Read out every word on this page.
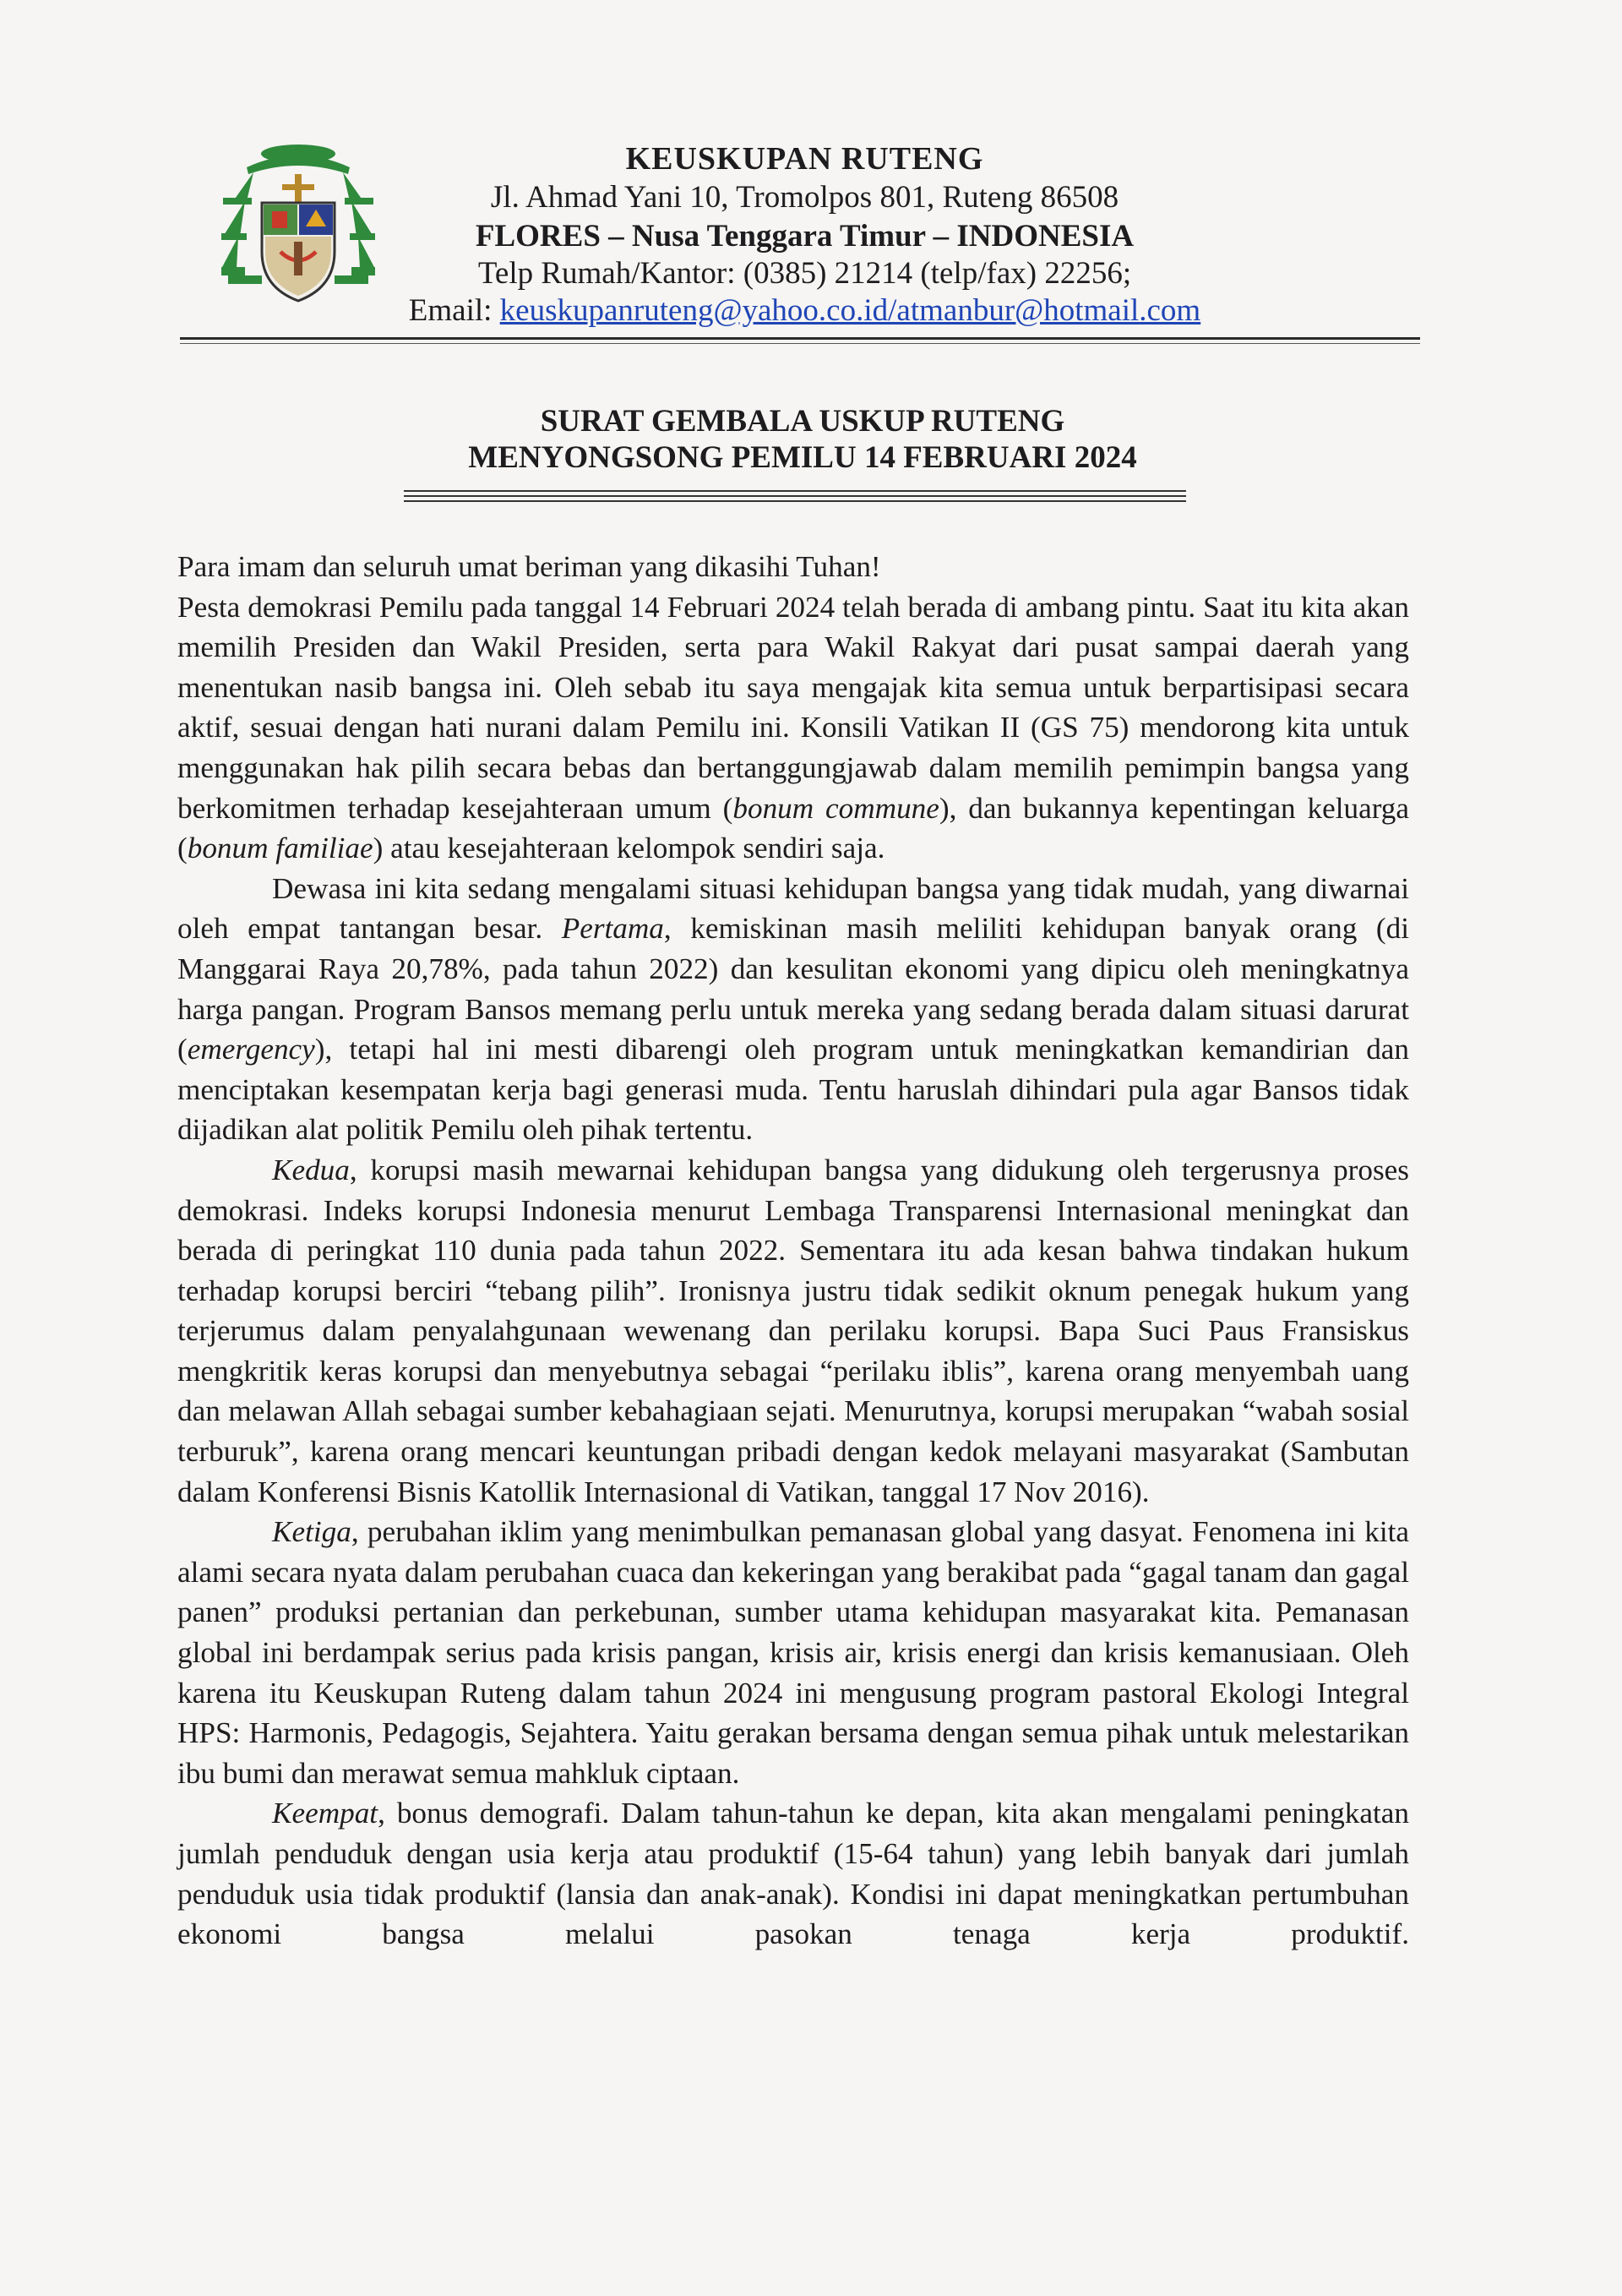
KEUSKUPAN RUTENG
Jl. Ahmad Yani 10, Tromolpos 801, Ruteng 86508
FLORES – Nusa Tenggara Timur – INDONESIA
Telp Rumah/Kantor: (0385) 21214 (telp/fax) 22256;
Email: keuskupanruteng@yahoo.co.id/atmanbur@hotmail.com
SURAT GEMBALA USKUP RUTENG
MENYONGSONG PEMILU 14 FEBRUARI 2024

Para imam dan seluruh umat beriman yang dikasihi Tuhan!

Pesta demokrasi Pemilu pada tanggal 14 Februari 2024 telah berada di ambang pintu. Saat itu kita akan memilih Presiden dan Wakil Presiden, serta para Wakil Rakyat dari pusat sampai daerah yang menentukan nasib bangsa ini. Oleh sebab itu saya mengajak kita semua untuk berpartisipasi secara aktif, sesuai dengan hati nurani dalam Pemilu ini. Konsili Vatikan II (GS 75) mendorong kita untuk menggunakan hak pilih secara bebas dan bertanggungjawab dalam memilih pemimpin bangsa yang berkomitmen terhadap kesejahteraan umum (bonum commune), dan bukannya kepentingan keluarga (bonum familiae) atau kesejahteraan kelompok sendiri saja.

Dewasa ini kita sedang mengalami situasi kehidupan bangsa yang tidak mudah, yang diwarnai oleh empat tantangan besar. Pertama, kemiskinan masih meliliti kehidupan banyak orang (di Manggarai Raya 20,78%, pada tahun 2022) dan kesulitan ekonomi yang dipicu oleh meningkatnya harga pangan. Program Bansos memang perlu untuk mereka yang sedang berada dalam situasi darurat (emergency), tetapi hal ini mesti dibarengi oleh program untuk meningkatkan kemandirian dan menciptakan kesempatan kerja bagi generasi muda. Tentu haruslah dihindari pula agar Bansos tidak dijadikan alat politik Pemilu oleh pihak tertentu.

Kedua, korupsi masih mewarnai kehidupan bangsa yang didukung oleh tergerusnya proses demokrasi. Indeks korupsi Indonesia menurut Lembaga Transparensi Internasional meningkat dan berada di peringkat 110 dunia pada tahun 2022. Sementara itu ada kesan bahwa tindakan hukum terhadap korupsi berciri “tebang pilih”. Ironisnya justru tidak sedikit oknum penegak hukum yang terjerumus dalam penyalahgunaan wewenang dan perilaku korupsi. Bapa Suci Paus Fransiskus mengkritik keras korupsi dan menyebutnya sebagai “perilaku iblis”, karena orang menyembah uang dan melawan Allah sebagai sumber kebahagiaan sejati. Menurutnya, korupsi merupakan “wabah sosial terburuk”, karena orang mencari keuntungan pribadi dengan kedok melayani masyarakat (Sambutan dalam Konferensi Bisnis Katollik Internasional di Vatikan, tanggal 17 Nov 2016).

Ketiga, perubahan iklim yang menimbulkan pemanasan global yang dasyat. Fenomena ini kita alami secara nyata dalam perubahan cuaca dan kekeringan yang berakibat pada “gagal tanam dan gagal panen” produksi pertanian dan perkebunan, sumber utama kehidupan masyarakat kita. Pemanasan global ini berdampak serius pada krisis pangan, krisis air, krisis energi dan krisis kemanusiaan. Oleh karena itu Keuskupan Ruteng dalam tahun 2024 ini mengusung program pastoral Ekologi Integral HPS: Harmonis, Pedagogis, Sejahtera. Yaitu gerakan bersama dengan semua pihak untuk melestarikan ibu bumi dan merawat semua mahkluk ciptaan.

Keempat, bonus demografi. Dalam tahun-tahun ke depan, kita akan mengalami peningkatan jumlah penduduk dengan usia kerja atau produktif (15-64 tahun) yang lebih banyak dari jumlah penduduk usia tidak produktif (lansia dan anak-anak). Kondisi ini dapat meningkatkan pertumbuhan ekonomi bangsa melalui pasokan tenaga kerja produktif.
